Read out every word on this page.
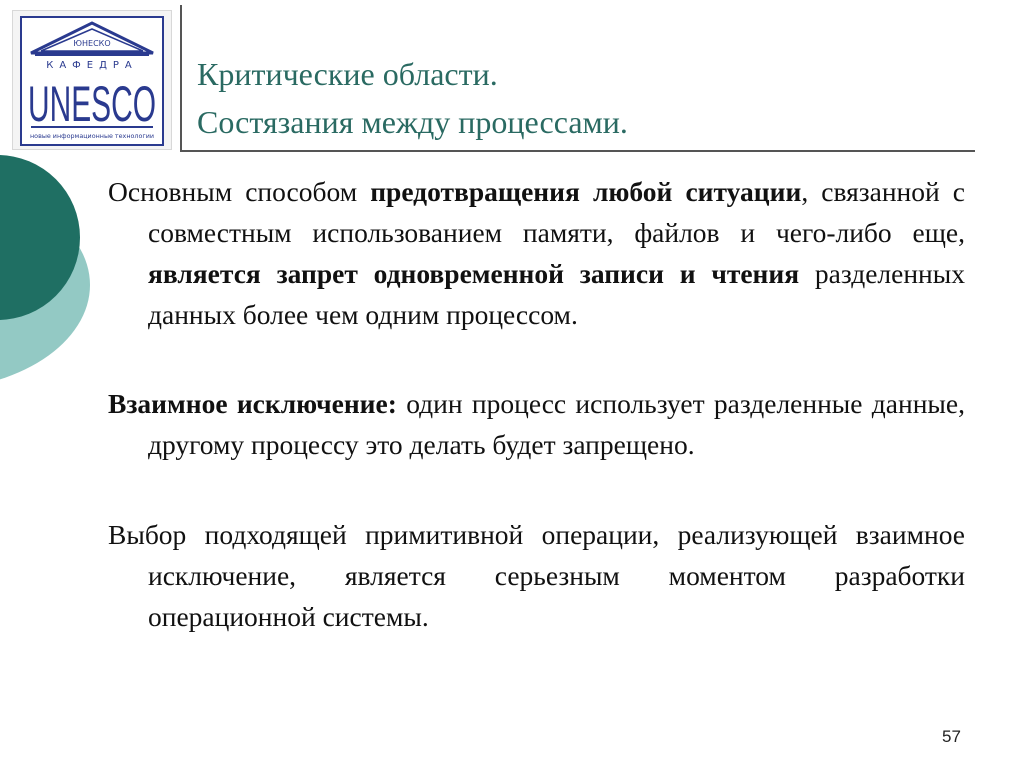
ЮНЕСКО
КАФЕДРА
UNESCO
новые информационные технологии
Критические области.
Состязания между процессами.
Основным способом предотвращения любой ситуации, связанной с совместным использованием памяти, файлов и чего-либо еще, является запрет одновременной записи и чтения разделенных данных более чем одним процессом.
Взаимное исключение: один процесс использует разделенные данные, другому процессу это делать будет запрещено.
Выбор подходящей примитивной операции, реализующей взаимное исключение, является серьезным моментом разработки операционной системы.
57
